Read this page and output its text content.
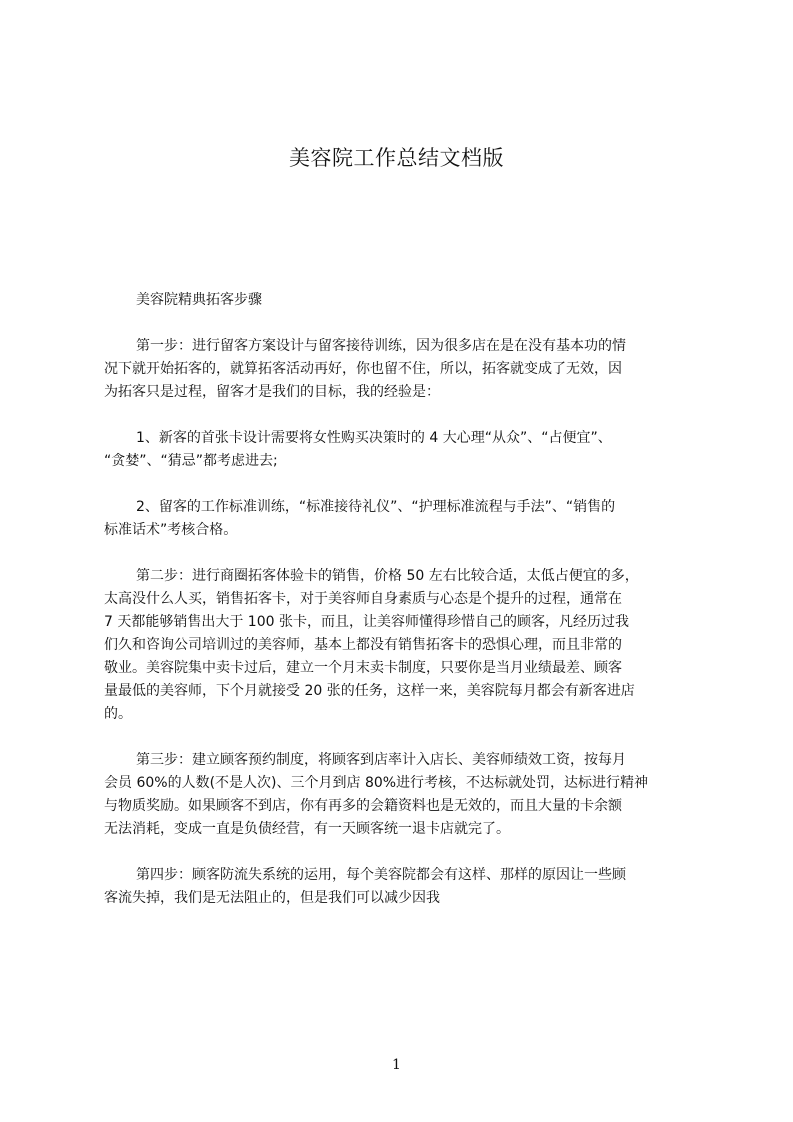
美容院工作总结文档版
美容院精典拓客步骤
第一步：进行留客方案设计与留客接待训练，因为很多店在是在没有基本功的情
况下就开始拓客的，就算拓客活动再好，你也留不住，所以，拓客就变成了无效，因
为拓客只是过程，留客才是我们的目标，我的经验是：
1、新客的首张卡设计需要将女性购买决策时的 4 大心理“从众”、“占便宜”、
“贪婪”、“猜忌”都考虑进去;
2、留客的工作标准训练，“标准接待礼仪”、“护理标准流程与手法”、“销售的
标准话术”考核合格。
第二步：进行商圈拓客体验卡的销售，价格 50 左右比较合适，太低占便宜的多，
太高没什么人买，销售拓客卡，对于美容师自身素质与心态是个提升的过程，通常在
7 天都能够销售出大于 100 张卡，而且，让美容师懂得珍惜自己的顾客，凡经历过我
们久和咨询公司培训过的美容师，基本上都没有销售拓客卡的恐惧心理，而且非常的
敬业。美容院集中卖卡过后，建立一个月末卖卡制度，只要你是当月业绩最差、顾客
量最低的美容师，下个月就接受 20 张的任务，这样一来，美容院每月都会有新客进店
的。
第三步：建立顾客预约制度，将顾客到店率计入店长、美容师绩效工资，按每月
会员 60%的人数(不是人次)、三个月到店 80%进行考核，不达标就处罚，达标进行精神
与物质奖励。如果顾客不到店，你有再多的会籍资料也是无效的，而且大量的卡余额
无法消耗，变成一直是负债经营，有一天顾客统一退卡店就完了。
第四步：顾客防流失系统的运用，每个美容院都会有这样、那样的原因让一些顾
客流失掉，我们是无法阻止的，但是我们可以减少因我
1
